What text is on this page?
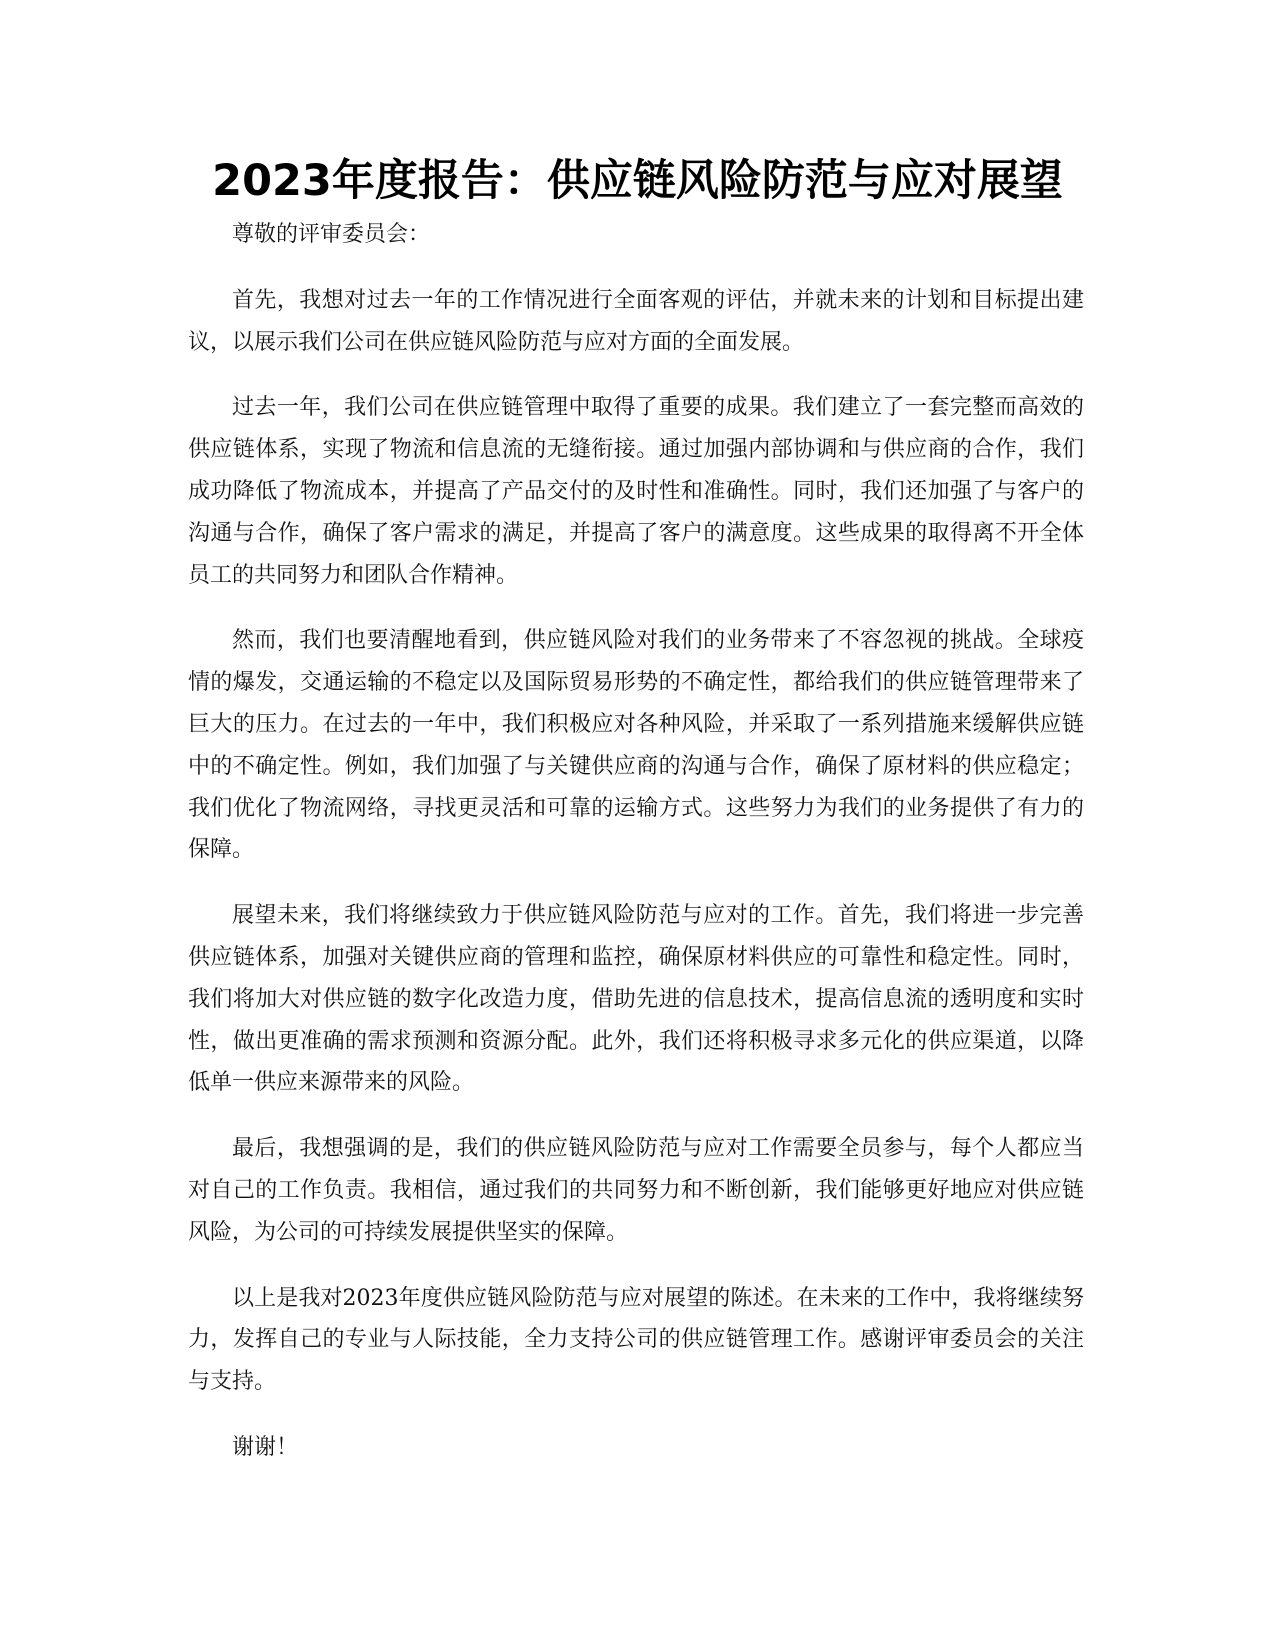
2023年度报告：供应链风险防范与应对展望

尊敬的评审委员会：

首先，我想对过去一年的工作情况进行全面客观的评估，并就未来的计划和目标提出建议，以展示我们公司在供应链风险防范与应对方面的全面发展。

过去一年，我们公司在供应链管理中取得了重要的成果。我们建立了一套完整而高效的供应链体系，实现了物流和信息流的无缝衔接。通过加强内部协调和与供应商的合作，我们成功降低了物流成本，并提高了产品交付的及时性和准确性。同时，我们还加强了与客户的沟通与合作，确保了客户需求的满足，并提高了客户的满意度。这些成果的取得离不开全体员工的共同努力和团队合作精神。

然而，我们也要清醒地看到，供应链风险对我们的业务带来了不容忽视的挑战。全球疫情的爆发，交通运输的不稳定以及国际贸易形势的不确定性，都给我们的供应链管理带来了巨大的压力。在过去的一年中，我们积极应对各种风险，并采取了一系列措施来缓解供应链中的不确定性。例如，我们加强了与关键供应商的沟通与合作，确保了原材料的供应稳定；我们优化了物流网络，寻找更灵活和可靠的运输方式。这些努力为我们的业务提供了有力的保障。

展望未来，我们将继续致力于供应链风险防范与应对的工作。首先，我们将进一步完善供应链体系，加强对关键供应商的管理和监控，确保原材料供应的可靠性和稳定性。同时，我们将加大对供应链的数字化改造力度，借助先进的信息技术，提高信息流的透明度和实时性，做出更准确的需求预测和资源分配。此外，我们还将积极寻求多元化的供应渠道，以降低单一供应来源带来的风险。

最后，我想强调的是，我们的供应链风险防范与应对工作需要全员参与，每个人都应当对自己的工作负责。我相信，通过我们的共同努力和不断创新，我们能够更好地应对供应链风险，为公司的可持续发展提供坚实的保障。

以上是我对2023年度供应链风险防范与应对展望的陈述。在未来的工作中，我将继续努力，发挥自己的专业与人际技能，全力支持公司的供应链管理工作。感谢评审委员会的关注与支持。

谢谢！
